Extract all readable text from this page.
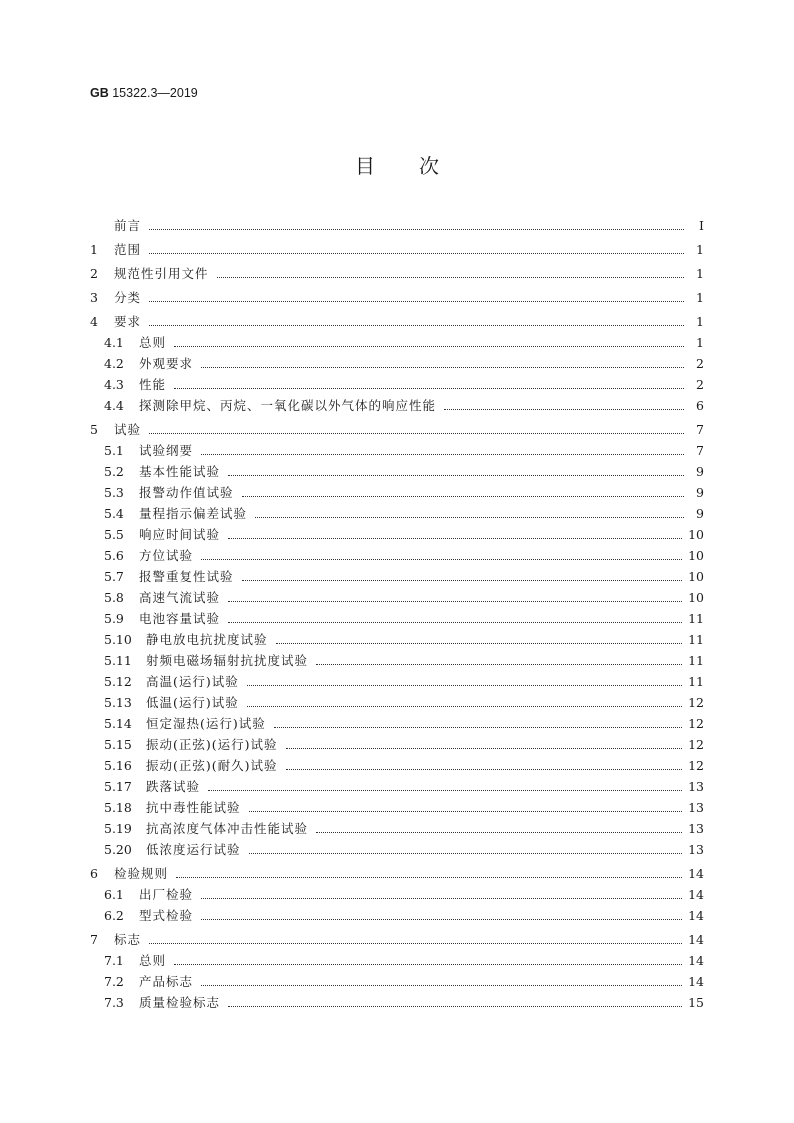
GB 15322.3—2019
目次
前言	I
1	范围	1
2	规范性引用文件	1
3	分类	1
4	要求	1
4.1	总则	1
4.2	外观要求	2
4.3	性能	2
4.4	探测除甲烷、丙烷、一氧化碳以外气体的响应性能	6
5	试验	7
5.1	试验纲要	7
5.2	基本性能试验	9
5.3	报警动作值试验	9
5.4	量程指示偏差试验	9
5.5	响应时间试验	10
5.6	方位试验	10
5.7	报警重复性试验	10
5.8	高速气流试验	10
5.9	电池容量试验	11
5.10	静电放电抗扰度试验	11
5.11	射频电磁场辐射抗扰度试验	11
5.12	高温(运行)试验	11
5.13	低温(运行)试验	12
5.14	恒定湿热(运行)试验	12
5.15	振动(正弦)(运行)试验	12
5.16	振动(正弦)(耐久)试验	12
5.17	跌落试验	13
5.18	抗中毒性能试验	13
5.19	抗高浓度气体冲击性能试验	13
5.20	低浓度运行试验	13
6	检验规则	14
6.1	出厂检验	14
6.2	型式检验	14
7	标志	14
7.1	总则	14
7.2	产品标志	14
7.3	质量检验标志	15
